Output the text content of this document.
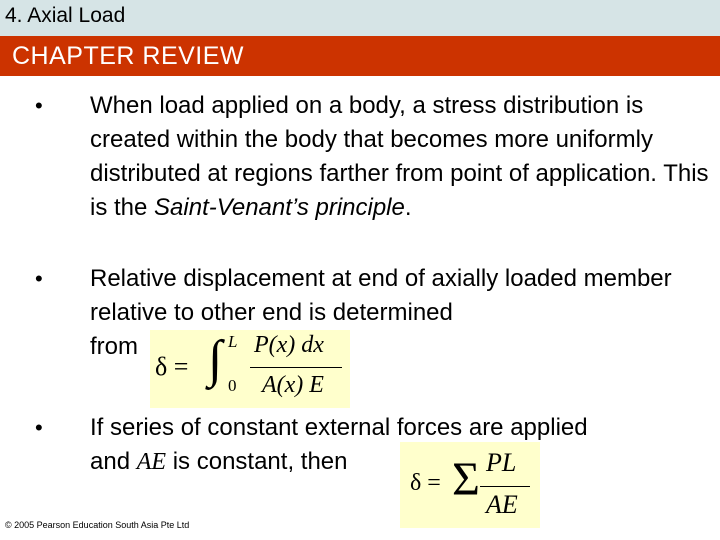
4. Axial Load
CHAPTER REVIEW
• When load applied on a body, a stress distribution is created within the body that becomes more uniformly distributed at regions farther from point of application. This is the Saint-Venant’s principle.
• Relative displacement at end of axially loaded member relative to other end is determined
from
δ = ∫ L
0
P(x) dx
A(x) E
• If series of constant external forces are applied
and AE is constant, then
δ = Σ PL
AE
© 2005 Pearson Education South Asia Pte Ltd
